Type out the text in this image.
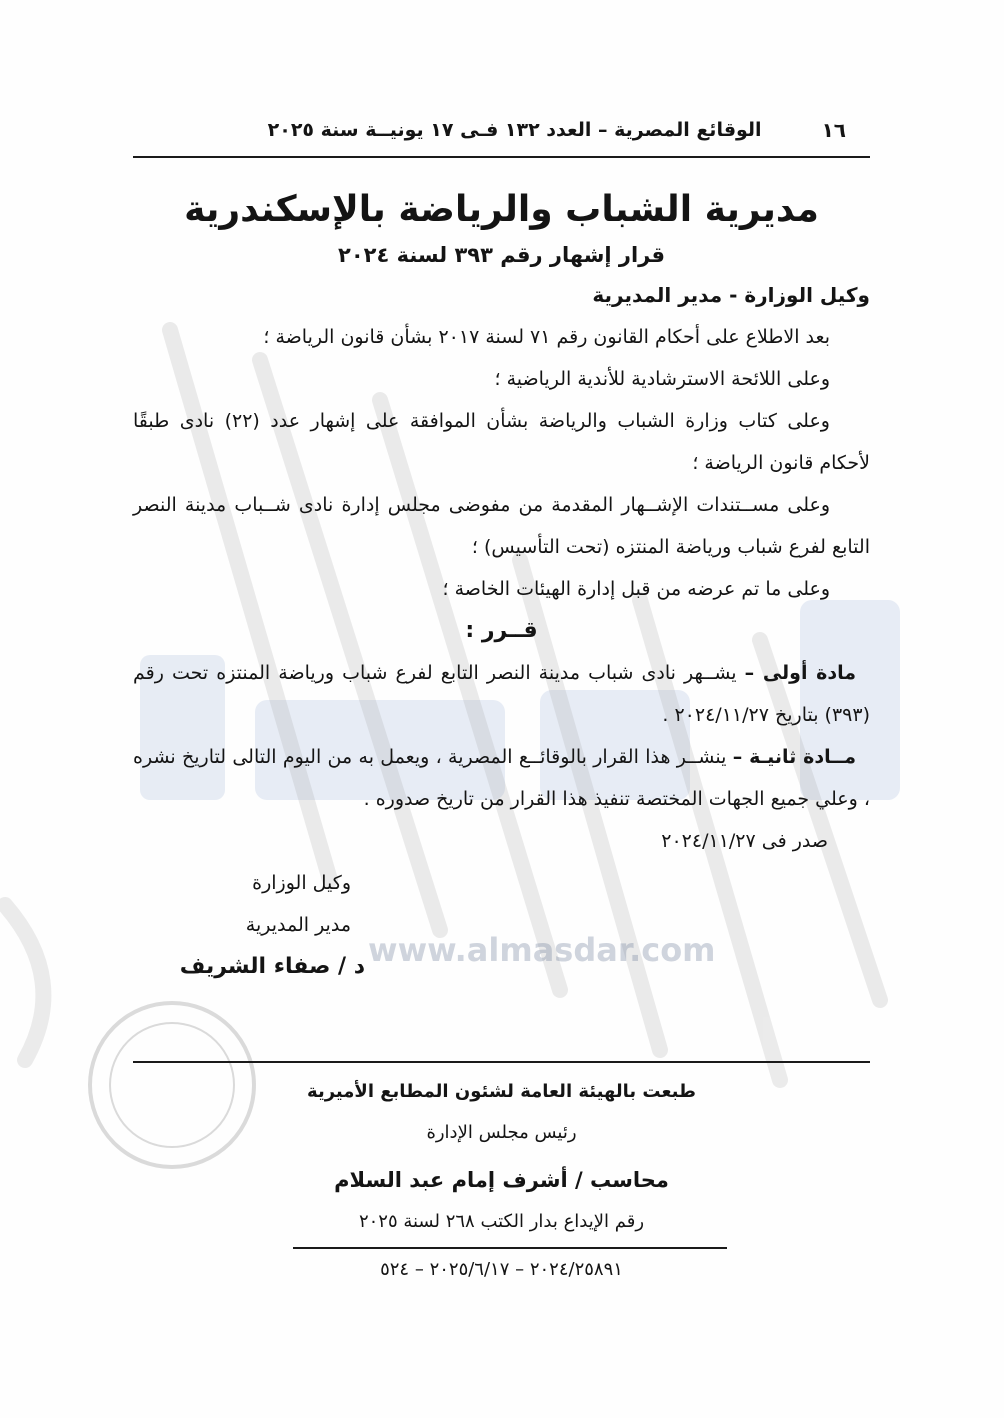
www.almasdar.com
١٦
الوقائع المصرية – العدد ١٣٢ فـى ١٧ يونيــة سنة ٢٠٢٥
مديرية الشباب والرياضة بالإسكندرية
قرار إشهار رقم ٣٩٣ لسنة ٢٠٢٤

وكيل الوزارة - مدير المديرية

بعد الاطلاع على أحكام القانون رقم ٧١ لسنة ٢٠١٧ بشأن قانون الرياضة ؛

وعلى اللائحة الاسترشادية للأندية الرياضية ؛

وعلى كتاب وزارة الشباب والرياضة بشأن الموافقة على إشهار عدد (٢٢) نادى طبقًا لأحكام قانون الرياضة ؛

وعلى مســتندات الإشــهار المقدمة من مفوضى مجلس إدارة نادى شــباب مدينة النصر التابع لفرع شباب ورياضة المنتزه (تحت التأسيس) ؛

وعلى ما تم عرضه من قبل إدارة الهيئات الخاصة ؛

قــرر :

مادة أولى – يشــهر نادى شباب مدينة النصر التابع لفرع شباب ورياضة المنتزه تحت رقم (٣٩٣) بتاريخ ٢٠٢٤/١١/٢٧ .

مــادة ثانيـة – ينشــر هذا القرار بالوقائــع المصرية ، ويعمل به من اليوم التالى لتاريخ نشره ، وعلي جميع الجهات المختصة تنفيذ هذا القرار من تاريخ صدوره .

صدر فى ٢٠٢٤/١١/٢٧

وكيل الوزارة
مدير المديرية
د / صفاء الشريف

طبعت بالهيئة العامة لشئون المطابع الأميرية

رئيس مجلس الإدارة

محاسب / أشرف إمام عبد السلام

رقم الإيداع بدار الكتب ٢٦٨ لسنة ٢٠٢٥

٢٠٢٤/٢٥٨٩١ – ٢٠٢٥/٦/١٧ – ٥٢٤
